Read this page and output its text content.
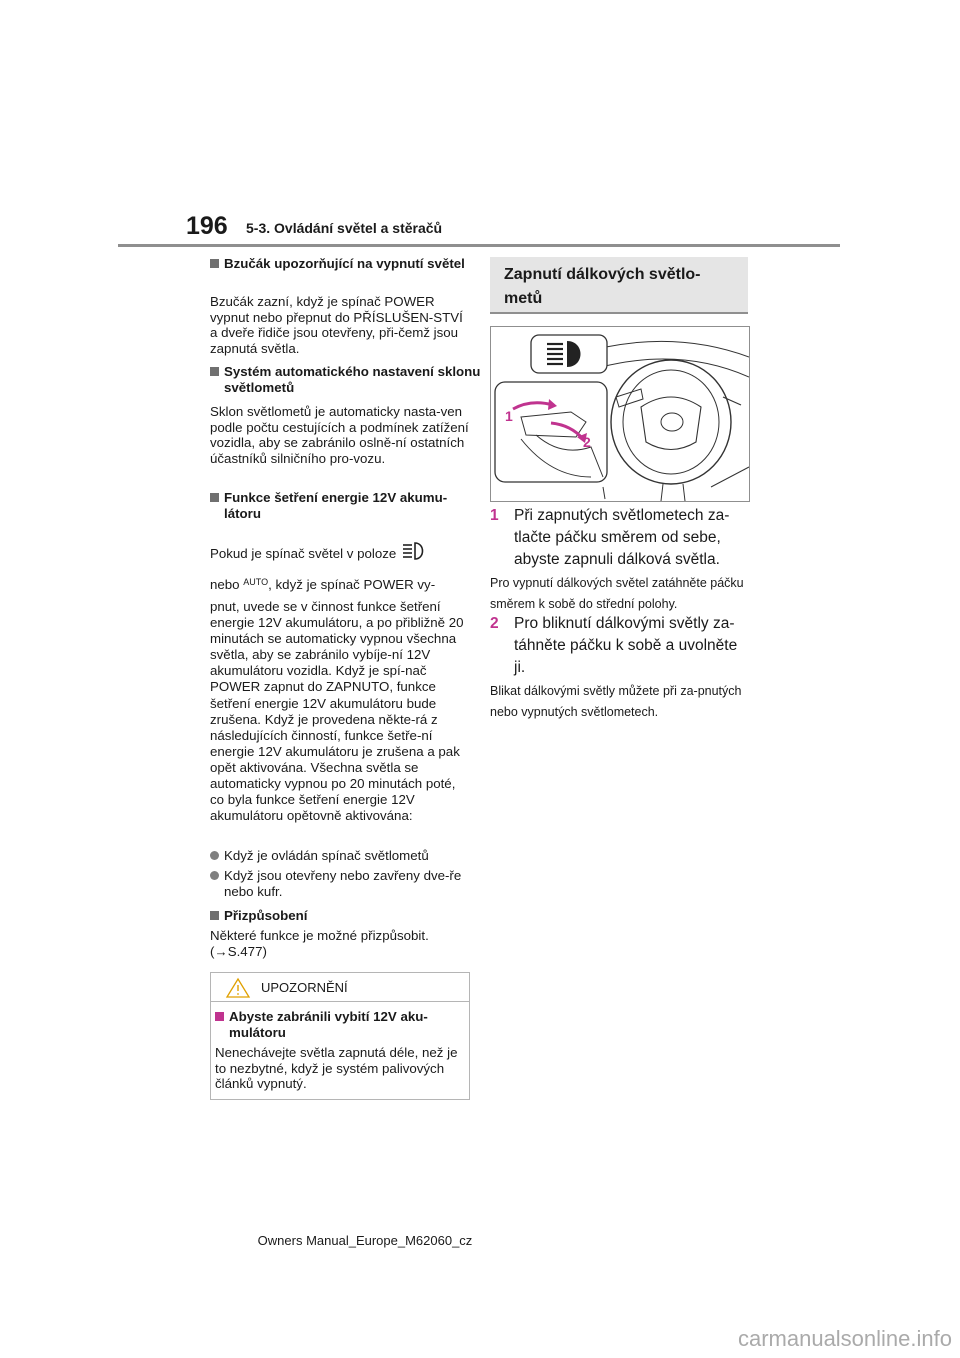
196 5-3. Ovládání světel a stěračů
Bzučák upozorňující na vypnutí světel

Bzučák zazní, když je spínač POWER vypnut nebo přepnut do PŘÍSLUŠEN-STVÍ a dveře řidiče jsou otevřeny, při-čemž jsou zapnutá světla.

Systém automatického nastavení sklonu světlometů

Sklon světlometů je automaticky nasta-ven podle počtu cestujících a podmínek zatížení vozidla, aby se zabránilo oslně-ní ostatních účastníků silničního pro-vozu.

Funkce šetření energie 12V akumu-látoru
Pokud je spínač světel v poloze
nebo $^{AUTO}$, když je spínač POWER vy-

pnut, uvede se v činnost funkce šetření energie 12V akumulátoru, a po přibližně 20 minutách se automaticky vypnou všechna světla, aby se zabránilo vybíje-ní 12V akumulátoru vozidla. Když je spí-nač POWER zapnut do ZAPNUTO, funkce šetření energie 12V akumulátoru bude zrušena. Když je provedena někte-rá z následujících činností, funkce šetře-ní energie 12V akumulátoru je zrušena a pak opět aktivována. Všechna světla se automaticky vypnou po 20 minutách poté, co byla funkce šetření energie 12V akumulátoru opětovně aktivována:

Když je ovládán spínač světlometů
Když jsou otevřeny nebo zavřeny dve-ře nebo kufr.
Přizpůsobení

Některé funkce je možné přizpůsobit. (→S.477)

UPOZORNĚNÍ
Abyste zabránili vybití 12V aku-mulátoru

Nenechávejte světla zapnutá déle, než je to nezbytné, když je systém palivových článků vypnutý.

Zapnutí dálkových světlo-metů
1
2
1 Při zapnutých světlometech za-tlačte páčku směrem od sebe, abyste zapnuli dálková světla.

Pro vypnutí dálkových světel zatáhněte páčku směrem k sobě do střední polohy.

2 Pro bliknutí dálkovými světly za-táhněte páčku k sobě a uvolněte ji.

Blikat dálkovými světly můžete při za-pnutých nebo vypnutých světlometech.

Owners Manual_Europe_M62060_cz
carmanualsonline.info
